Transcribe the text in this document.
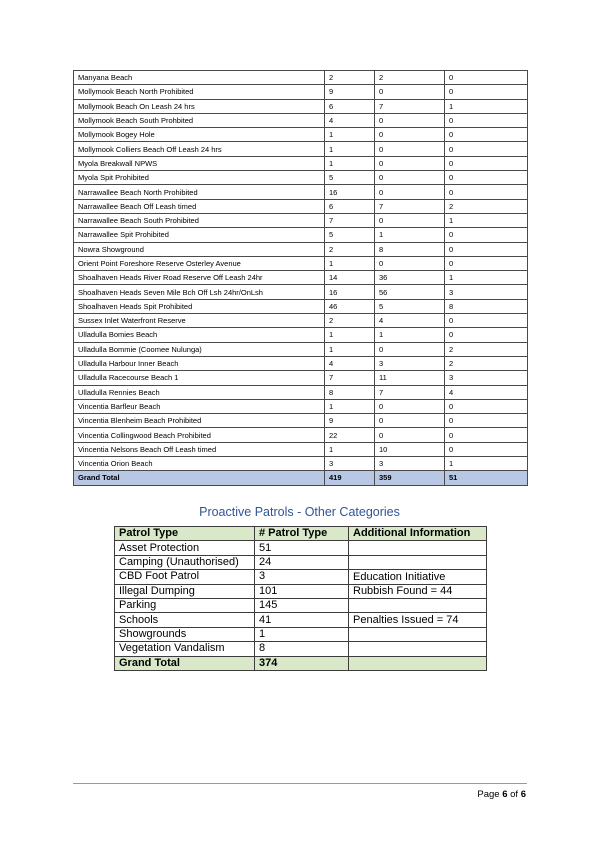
Manyana Beach	2	2	0
Mollymook Beach North Prohibited	9	0	0
Mollymook Beach On Leash 24 hrs	6	7	1
Mollymook Beach South Prohbited	4	0	0
Mollymook Bogey Hole	1	0	0
Mollymook Colliers Beach Off Leash 24 hrs	1	0	0
Myola Breakwall NPWS	1	0	0
Myola Spit Prohibited	5	0	0
Narrawallee Beach North Prohibited	16	0	0
Narrawallee Beach Off Leash timed	6	7	2
Narrawallee Beach South Prohibited	7	0	1
Narrawallee Spit Prohibited	5	1	0
Nowra Showground	2	8	0
Orient Point Foreshore Reserve Osterley Avenue	1	0	0
Shoalhaven Heads River Road Reserve Off Leash 24hr	14	36	1
Shoalhaven Heads Seven Mile Bch Off Lsh 24hr/OnLsh	16	56	3
Shoalhaven Heads Spit Prohibited	46	5	8
Sussex Inlet Waterfront Reserve	2	4	0
Ulladulla Bomies Beach	1	1	0
Ulladulla Bommie (Coomee Nulunga)	1	0	2
Ulladulla Harbour Inner Beach	4	3	2
Ulladulla Racecourse Beach 1	7	11	3
Ulladulla Rennies Beach	8	7	4
Vincentia Barfleur Beach	1	0	0
Vincentia Blenheim Beach Prohibited	9	0	0
Vincentia Collingwood Beach Prohibited	22	0	0
Vincentia Nelsons Beach Off Leash timed	1	10	0
Vincentia Orion Beach	3	3	1
Grand Total	419	359	51
Proactive Patrols - Other Categories
Patrol Type	# Patrol Type	Additional Information
Asset Protection	51	
Camping (Unauthorised)	24	
CBD Foot Patrol	3	Education Initiative
Illegal Dumping	101	Rubbish Found = 44
Parking	145	
Schools	41	Penalties Issued = 74
Showgrounds	1	
Vegetation Vandalism	8	
Grand Total	374	
Page 6 of 6
